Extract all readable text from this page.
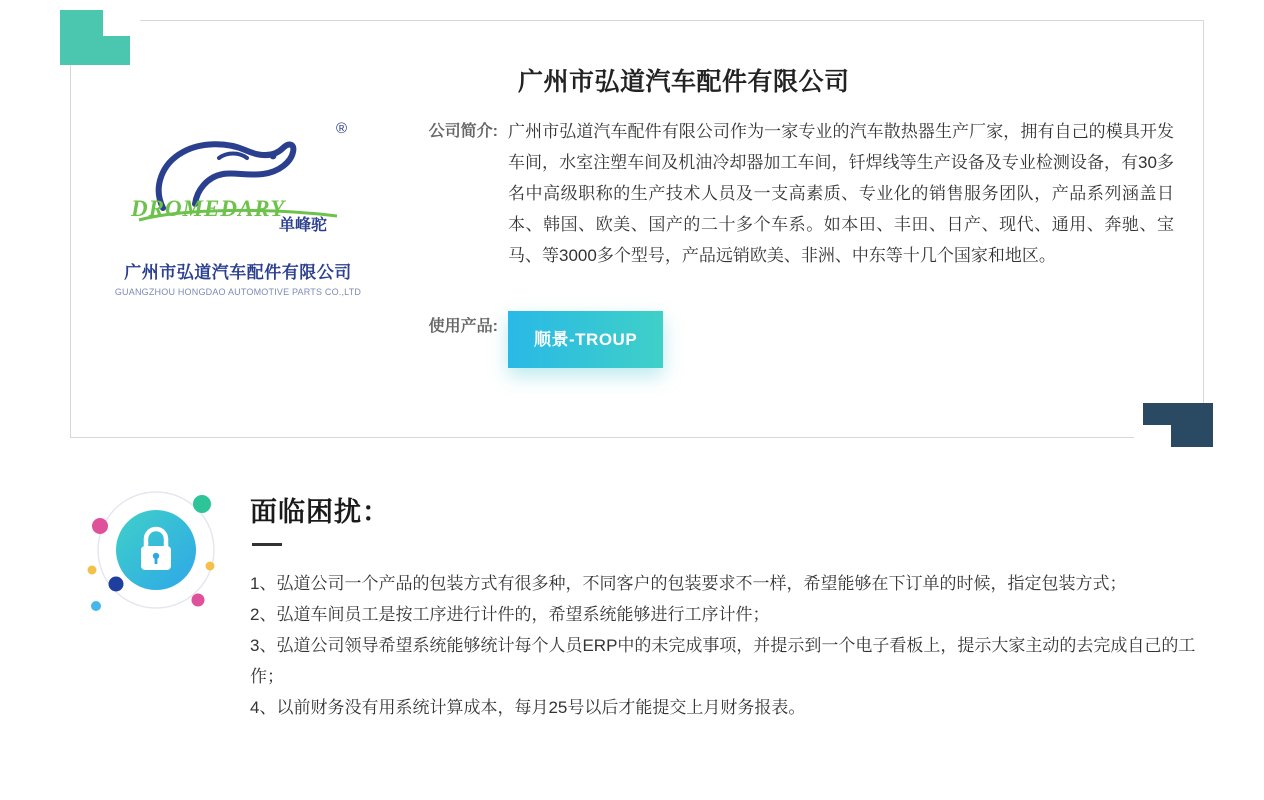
®
DROMEDARY
单峰驼
广州市弘道汽车配件有限公司
GUANGZHOU HONGDAO AUTOMOTIVE PARTS CO.,LTD
广州市弘道汽车配件有限公司
公司简介: 广州市弘道汽车配件有限公司作为一家专业的汽车散热器生产厂家，拥有自己的模具开发车间，水室注塑车间及机油冷却器加工车间，钎焊线等生产设备及专业检测设备，有30多名中高级职称的生产技术人员及一支高素质、专业化的销售服务团队，产品系列涵盖日本、韩国、欧美、国产的二十多个车系。如本田、丰田、日产、现代、通用、奔驰、宝马、等3000多个型号，产品远销欧美、非洲、中东等十几个国家和地区。
使用产品:
顺景-TROUP
面临困扰：

1、弘道公司一个产品的包装方式有很多种，不同客户的包装要求不一样，希望能够在下订单的时候，指定包装方式；

2、弘道车间员工是按工序进行计件的，希望系统能够进行工序计件；

3、弘道公司领导希望系统能够统计每个人员ERP中的未完成事项，并提示到一个电子看板上，提示大家主动的去完成自己的工作；

4、以前财务没有用系统计算成本，每月25号以后才能提交上月财务报表。
